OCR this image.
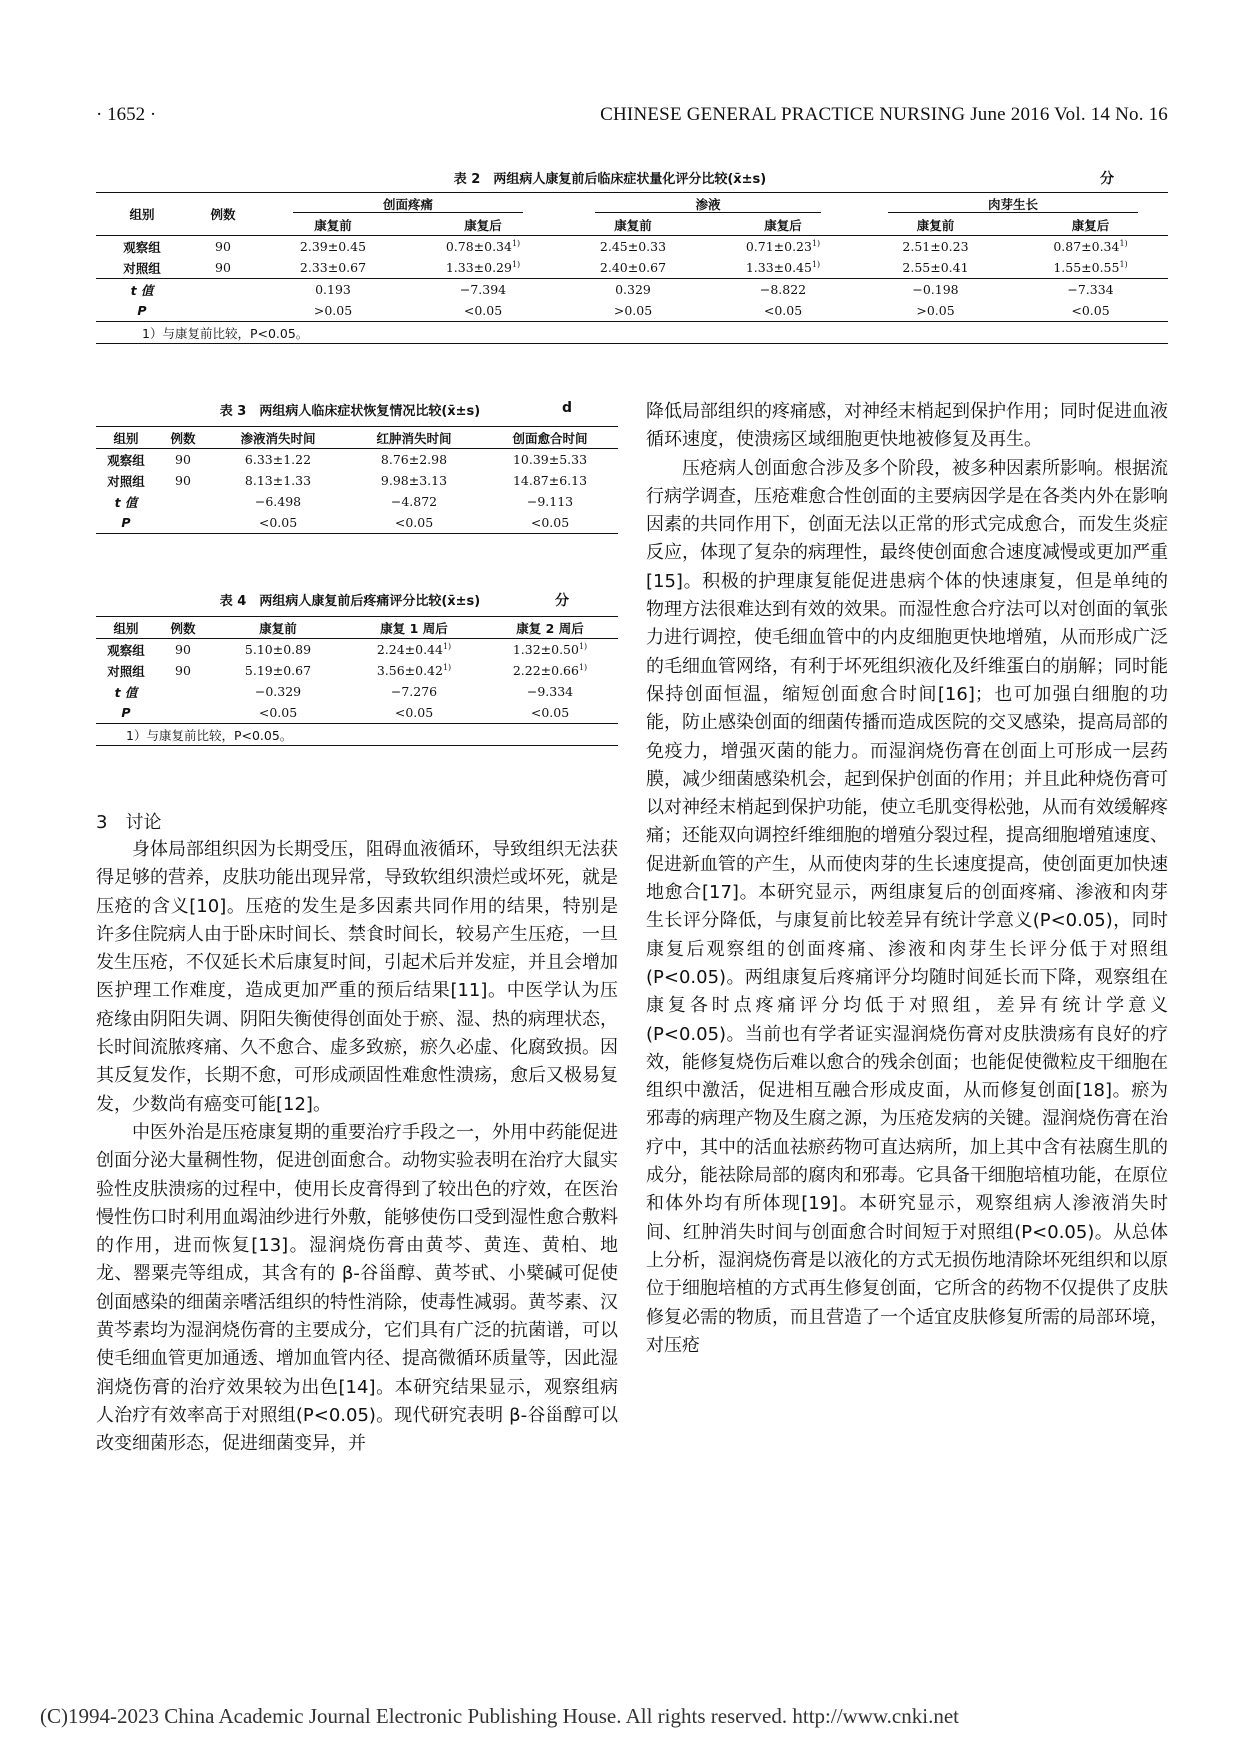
· 1652 ·	CHINESE GENERAL PRACTICE NURSING June 2016 Vol. 14 No. 16
表 2　两组病人康复前后临床症状量化评分比较(x̄±s)	分
组别	例数	创面疼痛		渗液		肉芽生长	
		康复前	康复后	康复前	康复后	康复前	康复后
观察组	90	2.39±0.45	$0.78\pm 0.34^{1)}$	2.45±0.33	$0.71\pm 0.23^{1)}$	2.51±0.23	$0.87\pm 0.34^{1)}$
对照组	90	2.33±0.67	$1.33\pm 0.29^{1)}$	2.40±0.67	$1.33\pm 0.45^{1)}$	2.55±0.41	$1.55\pm 0.55^{1)}$
t 值		0.193	−7.394	0.329	−8.822	−0.198	−7.334
P		>0.05	<0.05	>0.05	<0.05	>0.05	<0.05
1）与康复前比较，P<0.05。							
表 3　两组病人临床症状恢复情况比较(x̄±s)	d
组别	例数	渗液消失时间	红肿消失时间	创面愈合时间
观察组	90	6.33±1.22	8.76±2.98	10.39±5.33
对照组	90	8.13±1.33	9.98±3.13	14.87±6.13
t 值		−6.498	−4.872	−9.113
P		<0.05	<0.05	<0.05
表 4　两组病人康复前后疼痛评分比较(x̄±s)	分
组别	例数	康复前	康复 1 周后	康复 2 周后
观察组	90	5.10±0.89	$2.24\pm 0.44^{1)}$	$1.32\pm 0.50^{1)}$
对照组	90	5.19±0.67	$3.56\pm 0.42^{1)}$	$2.22\pm 0.66^{1)}$
t 值		−0.329	−7.276	−9.334
P		<0.05	<0.05	<0.05
1）与康复前比较，P<0.05。				
3　讨论

身体局部组织因为长期受压，阻碍血液循环，导致组织无法获得足够的营养，皮肤功能出现异常，导致软组织溃烂或坏死，就是压疮的含义[10]。压疮的发生是多因素共同作用的结果，特别是许多住院病人由于卧床时间长、禁食时间长，较易产生压疮，一旦发生压疮，不仅延长术后康复时间，引起术后并发症，并且会增加医护理工作难度，造成更加严重的预后结果[11]。中医学认为压疮缘由阴阳失调、阴阳失衡使得创面处于瘀、湿、热的病理状态，长时间流脓疼痛、久不愈合、虚多致瘀，瘀久必虚、化腐致损。因其反复发作，长期不愈，可形成顽固性难愈性溃疡，愈后又极易复发，少数尚有癌变可能[12]。

中医外治是压疮康复期的重要治疗手段之一，外用中药能促进创面分泌大量稠性物，促进创面愈合。动物实验表明在治疗大鼠实验性皮肤溃疡的过程中，使用长皮膏得到了较出色的疗效，在医治慢性伤口时利用血竭油纱进行外敷，能够使伤口受到湿性愈合敷料的作用，进而恢复[13]。湿润烧伤膏由黄芩、黄连、黄柏、地龙、罂粟壳等组成，其含有的 β-谷甾醇、黄芩甙、小檗碱可促使创面感染的细菌亲嗜活组织的特性消除，使毒性减弱。黄芩素、汉黄芩素均为湿润烧伤膏的主要成分，它们具有广泛的抗菌谱，可以使毛细血管更加通透、增加血管内径、提高微循环质量等，因此湿润烧伤膏的治疗效果较为出色[14]。本研究结果显示，观察组病人治疗有效率高于对照组(P<0.05)。现代研究表明 β-谷甾醇可以改变细菌形态，促进细菌变异，并

降低局部组织的疼痛感，对神经末梢起到保护作用；同时促进血液循环速度，使溃疡区域细胞更快地被修复及再生。

压疮病人创面愈合涉及多个阶段，被多种因素所影响。根据流行病学调查，压疮难愈合性创面的主要病因学是在各类内外在影响因素的共同作用下，创面无法以正常的形式完成愈合，而发生炎症反应，体现了复杂的病理性，最终使创面愈合速度减慢或更加严重[15]。积极的护理康复能促进患病个体的快速康复，但是单纯的物理方法很难达到有效的效果。而湿性愈合疗法可以对创面的氧张力进行调控，使毛细血管中的内皮细胞更快地增殖，从而形成广泛的毛细血管网络，有利于坏死组织液化及纤维蛋白的崩解；同时能保持创面恒温，缩短创面愈合时间[16]；也可加强白细胞的功能，防止感染创面的细菌传播而造成医院的交叉感染，提高局部的免疫力，增强灭菌的能力。而湿润烧伤膏在创面上可形成一层药膜，减少细菌感染机会，起到保护创面的作用；并且此种烧伤膏可以对神经末梢起到保护功能，使立毛肌变得松弛，从而有效缓解疼痛；还能双向调控纤维细胞的增殖分裂过程，提高细胞增殖速度、促进新血管的产生，从而使肉芽的生长速度提高，使创面更加快速地愈合[17]。本研究显示，两组康复后的创面疼痛、渗液和肉芽生长评分降低，与康复前比较差异有统计学意义(P<0.05)，同时康复后观察组的创面疼痛、渗液和肉芽生长评分低于对照组(P<0.05)。两组康复后疼痛评分均随时间延长而下降，观察组在康复各时点疼痛评分均低于对照组，差异有统计学意义(P<0.05)。当前也有学者证实湿润烧伤膏对皮肤溃疡有良好的疗效，能修复烧伤后难以愈合的残余创面；也能促使微粒皮干细胞在组织中激活，促进相互融合形成皮面，从而修复创面[18]。瘀为邪毒的病理产物及生腐之源，为压疮发病的关键。湿润烧伤膏在治疗中，其中的活血祛瘀药物可直达病所，加上其中含有祛腐生肌的成分，能祛除局部的腐肉和邪毒。它具备干细胞培植功能，在原位和体外均有所体现[19]。本研究显示，观察组病人渗液消失时间、红肿消失时间与创面愈合时间短于对照组(P<0.05)。从总体上分析，湿润烧伤膏是以液化的方式无损伤地清除坏死组织和以原位于细胞培植的方式再生修复创面，它所含的药物不仅提供了皮肤修复必需的物质，而且营造了一个适宜皮肤修复所需的局部环境，对压疮

(C)1994-2023 China Academic Journal Electronic Publishing House. All rights reserved. http://www.cnki.net
